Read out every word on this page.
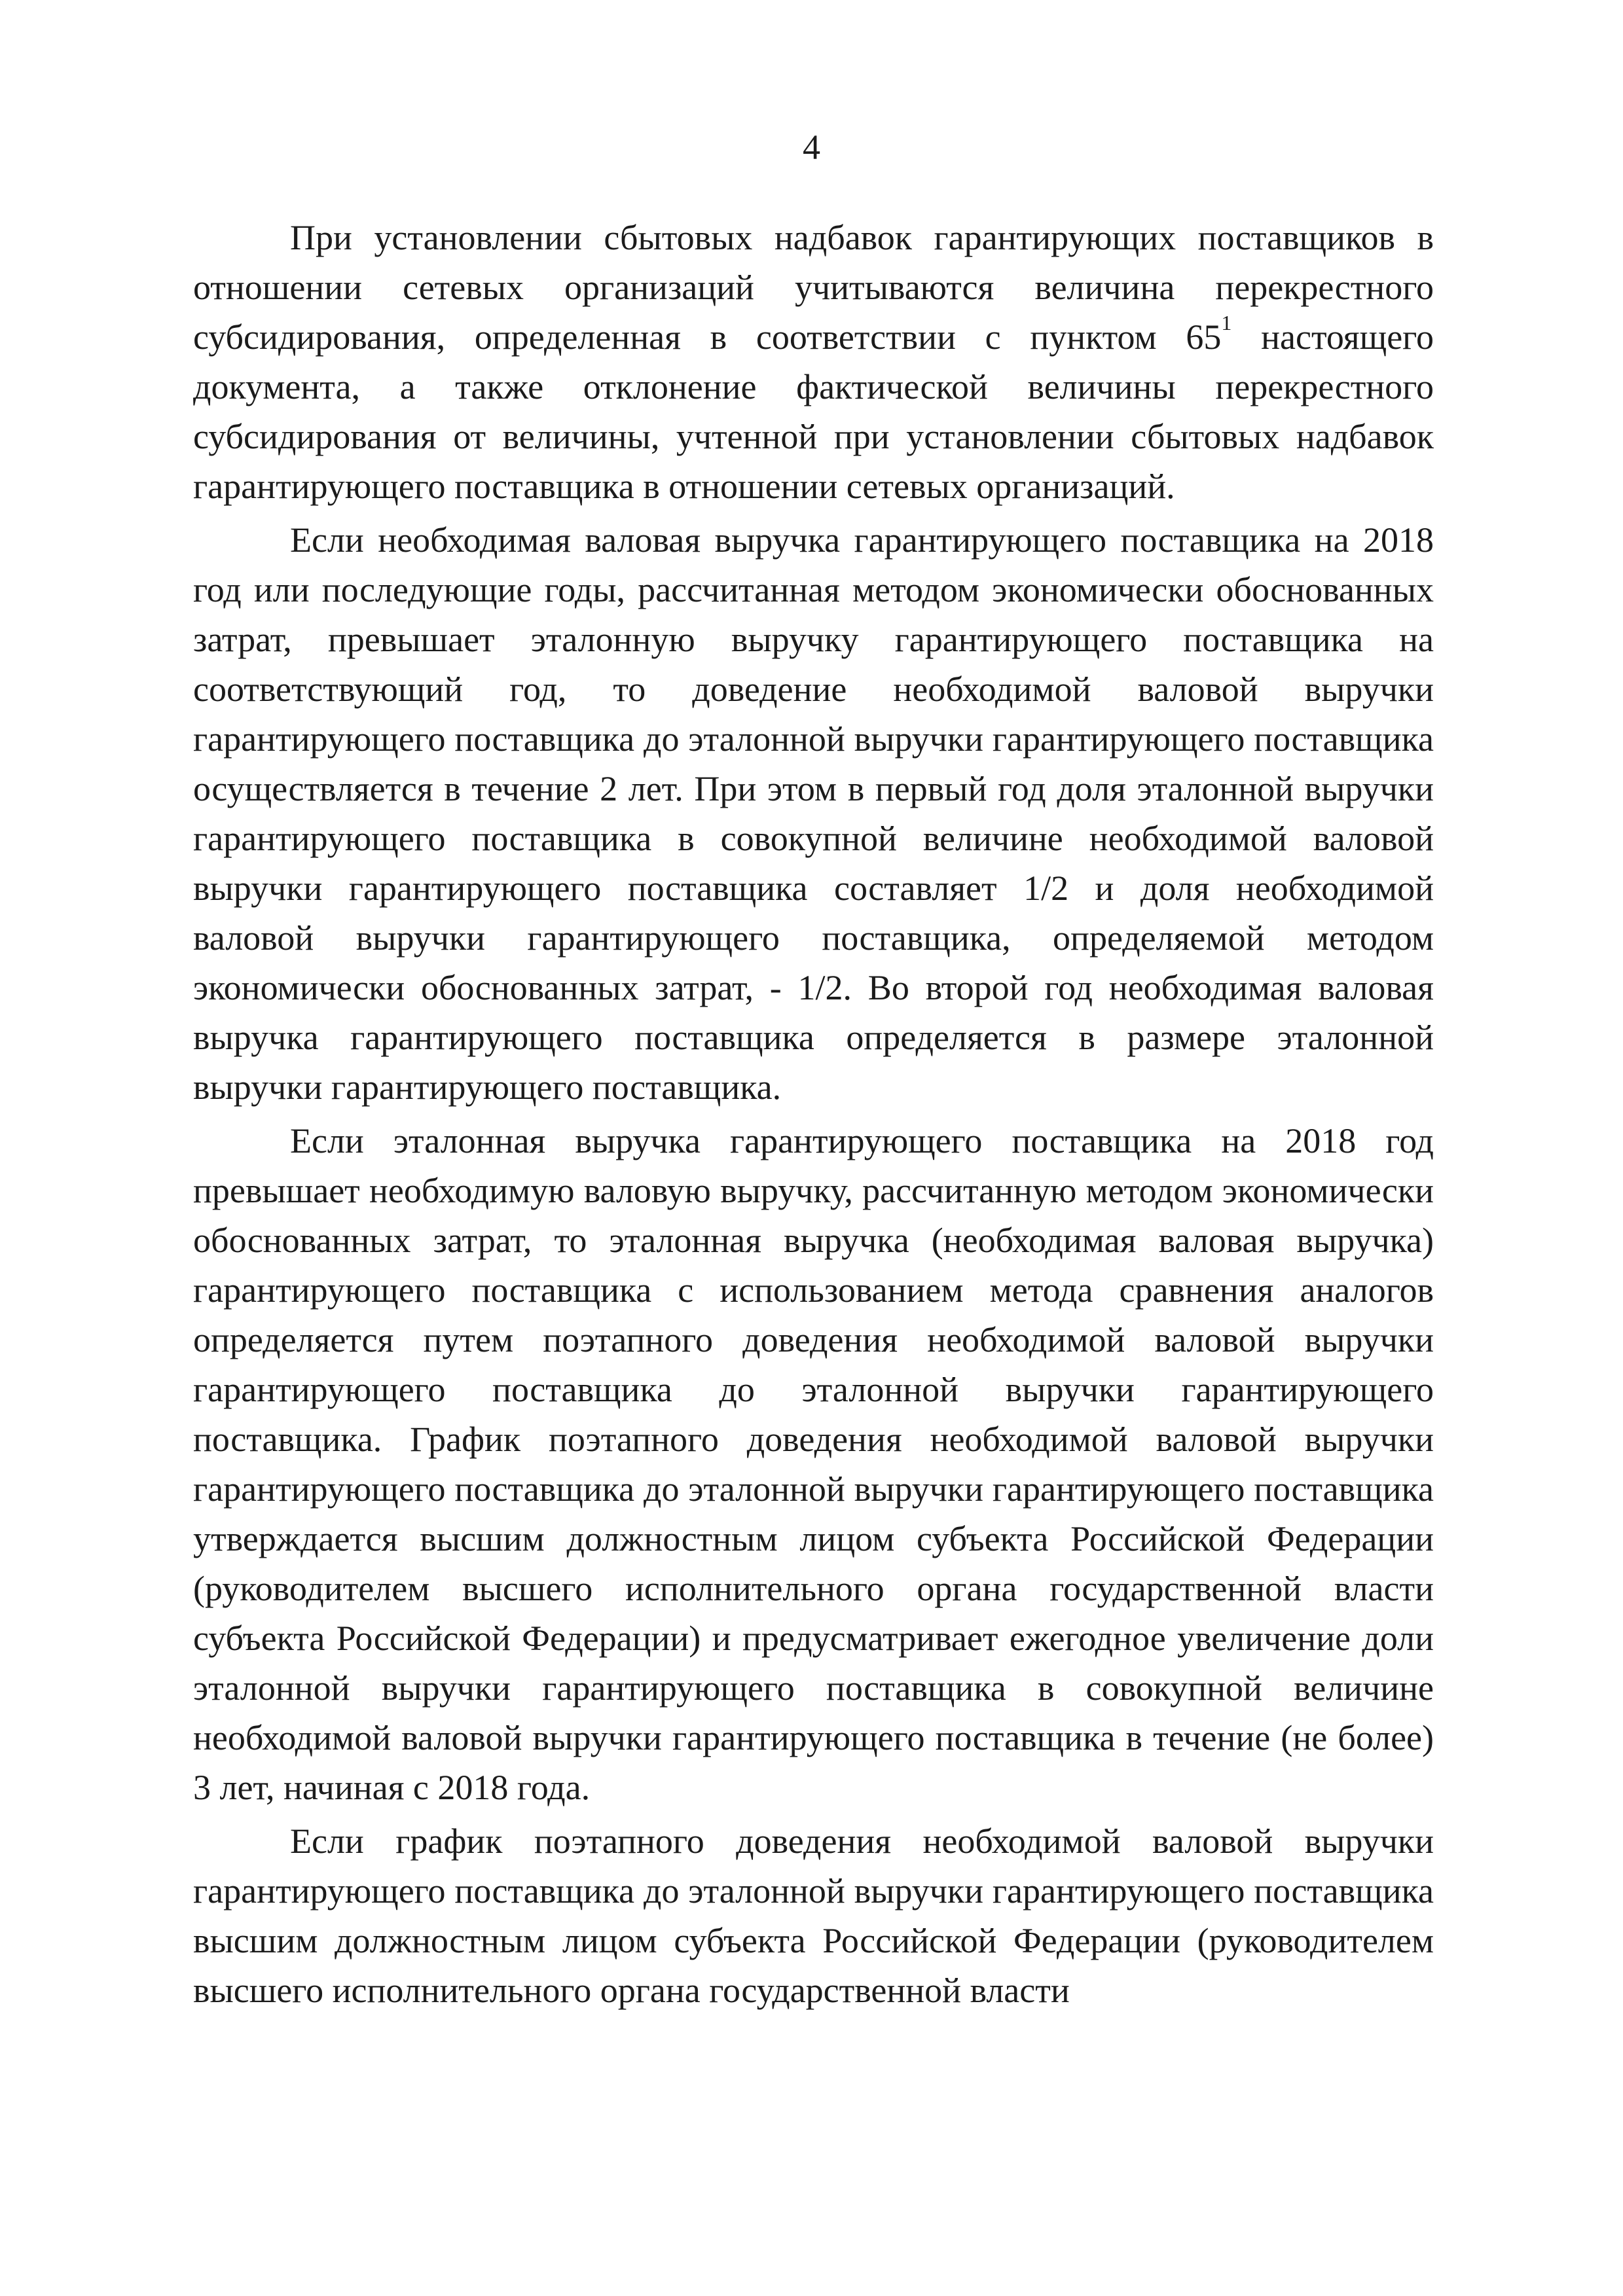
4

При установлении сбытовых надбавок гарантирующих поставщиков в отношении сетевых организаций учитываются величина перекрестного субсидирования, определенная в соответствии с пунктом 65$^1$ настоящего документа, а также отклонение фактической величины перекрестного субсидирования от величины, учтенной при установлении сбытовых надбавок гарантирующего поставщика в отношении сетевых организаций.

Если необходимая валовая выручка гарантирующего поставщика на 2018 год или последующие годы, рассчитанная методом экономически обоснованных затрат, превышает эталонную выручку гарантирующего поставщика на соответствующий год, то доведение необходимой валовой выручки гарантирующего поставщика до эталонной выручки гарантирующего поставщика осуществляется в течение 2 лет. При этом в первый год доля эталонной выручки гарантирующего поставщика в совокупной величине необходимой валовой выручки гарантирующего поставщика составляет 1/2 и доля необходимой валовой выручки гарантирующего поставщика, определяемой методом экономически обоснованных затрат, - 1/2. Во второй год необходимая валовая выручка гарантирующего поставщика определяется в размере эталонной выручки гарантирующего поставщика.

Если эталонная выручка гарантирующего поставщика на 2018 год превышает необходимую валовую выручку, рассчитанную методом экономически обоснованных затрат, то эталонная выручка (необходимая валовая выручка) гарантирующего поставщика с использованием метода сравнения аналогов определяется путем поэтапного доведения необходимой валовой выручки гарантирующего поставщика до эталонной выручки гарантирующего поставщика. График поэтапного доведения необходимой валовой выручки гарантирующего поставщика до эталонной выручки гарантирующего поставщика утверждается высшим должностным лицом субъекта Российской Федерации (руководителем высшего исполнительного органа государственной власти субъекта Российской Федерации) и предусматривает ежегодное увеличение доли эталонной выручки гарантирующего поставщика в совокупной величине необходимой валовой выручки гарантирующего поставщика в течение (не более) 3 лет, начиная с 2018 года.

Если график поэтапного доведения необходимой валовой выручки гарантирующего поставщика до эталонной выручки гарантирующего поставщика высшим должностным лицом субъекта Российской Федерации (руководителем высшего исполнительного органа государственной власти
